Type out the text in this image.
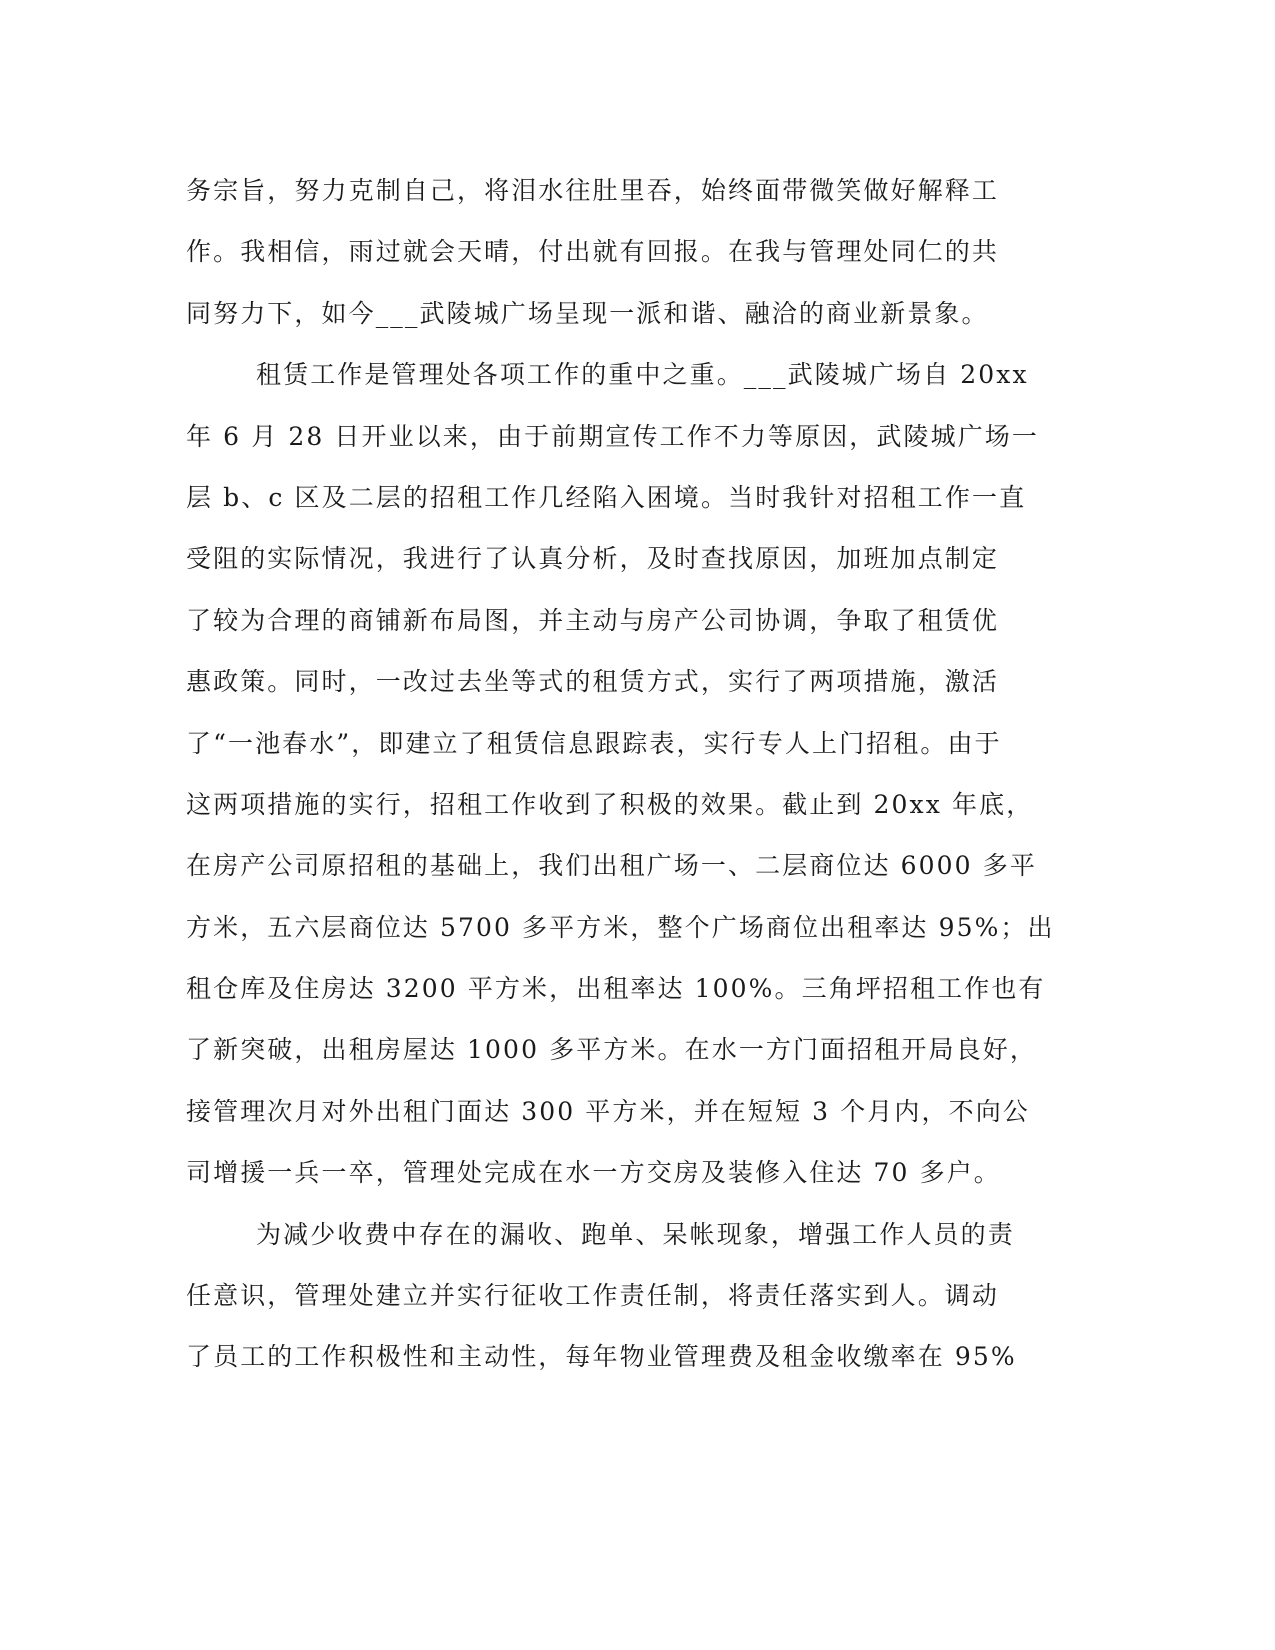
务宗旨，努力克制自己，将泪水往肚里吞，始终面带微笑做好解释工
作。我相信，雨过就会天晴，付出就有回报。在我与管理处同仁的共
同努力下，如今___武陵城广场呈现一派和谐、融洽的商业新景象。
租赁工作是管理处各项工作的重中之重。___武陵城广场自 20xx
年 6 月 28 日开业以来，由于前期宣传工作不力等原因，武陵城广场一
层 b、c 区及二层的招租工作几经陷入困境。当时我针对招租工作一直
受阻的实际情况，我进行了认真分析，及时查找原因，加班加点制定
了较为合理的商铺新布局图，并主动与房产公司协调，争取了租赁优
惠政策。同时，一改过去坐等式的租赁方式，实行了两项措施，激活
了“一池春水”，即建立了租赁信息跟踪表，实行专人上门招租。由于
这两项措施的实行，招租工作收到了积极的效果。截止到 20xx 年底，
在房产公司原招租的基础上，我们出租广场一、二层商位达 6000 多平
方米，五六层商位达 5700 多平方米，整个广场商位出租率达 95%；出
租仓库及住房达 3200 平方米，出租率达 100%。三角坪招租工作也有
了新突破，出租房屋达 1000 多平方米。在水一方门面招租开局良好，
接管理次月对外出租门面达 300 平方米，并在短短 3 个月内，不向公
司增援一兵一卒，管理处完成在水一方交房及装修入住达 70 多户。
为减少收费中存在的漏收、跑单、呆帐现象，增强工作人员的责
任意识，管理处建立并实行征收工作责任制，将责任落实到人。调动
了员工的工作积极性和主动性，每年物业管理费及租金收缴率在 95%
